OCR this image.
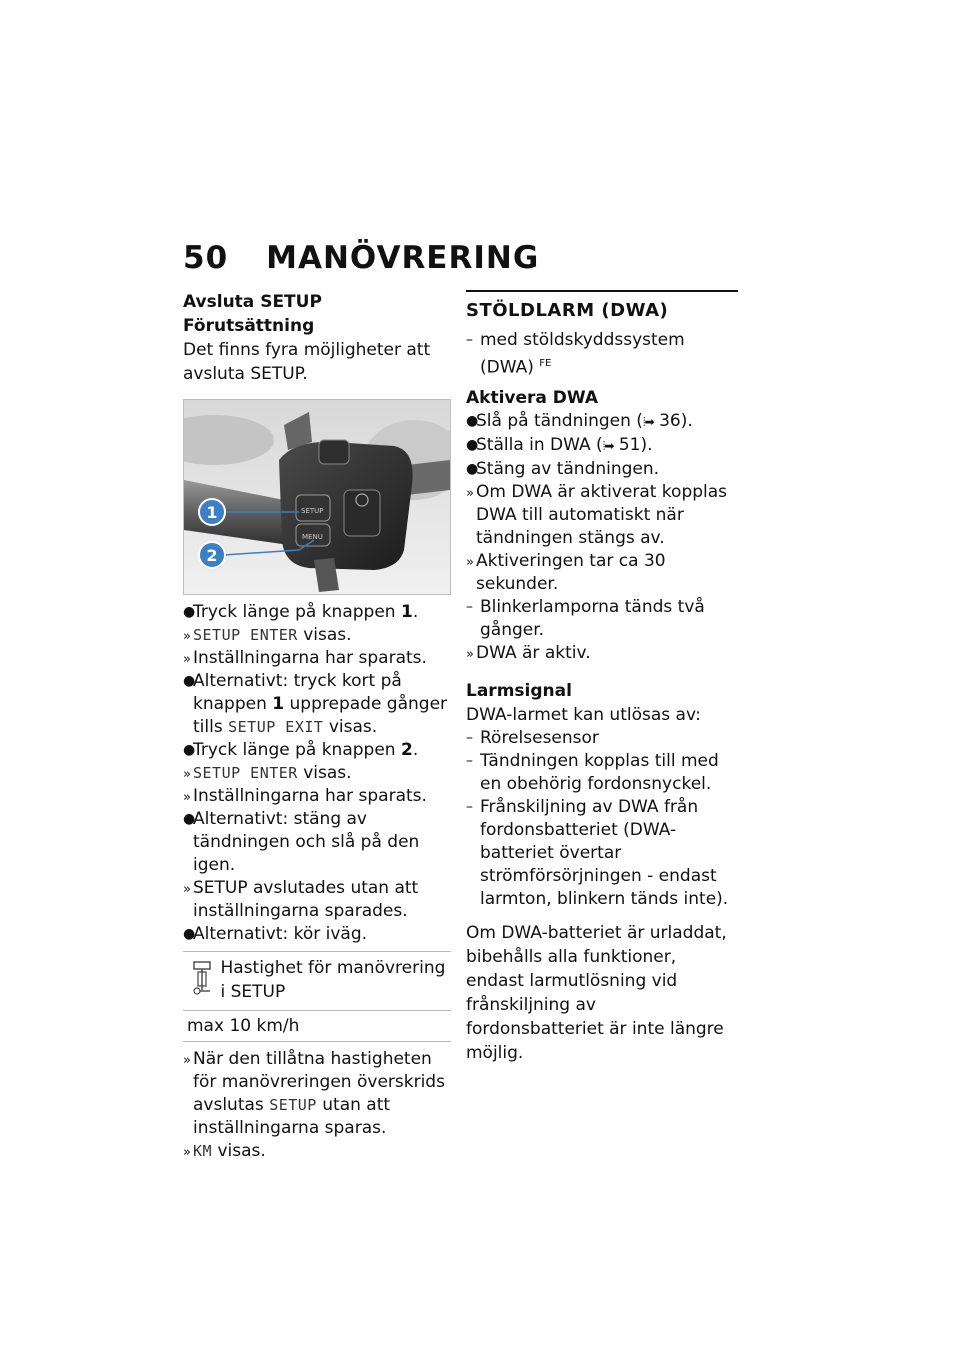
50 MANÖVRERING

Avsluta SETUP

Förutsättning

Det finns fyra möjligheter att avsluta SETUP.

SETUP
MENU
1
2
●
Tryck länge på knappen 1.
» SETUP ENTER visas.
» Inställningarna har sparats.
●
Alternativt: tryck kort på knappen 1 upprepade gånger tills SETUP EXIT visas.
●
Tryck länge på knappen 2.
» SETUP ENTER visas.
» Inställningarna har sparats.
●
Alternativt: stäng av tändningen och slå på den igen.
» SETUP avslutades utan att inställningarna sparades.
●
Alternativt: kör iväg.
Hastighet för manövrering i SETUP
max 10 km/h
» När den tillåtna hastigheten för manövreringen överskrids avslutas SETUP utan att inställningarna sparas.
» KM visas.
STÖLDLARM (DWA)
– med stöldskyddssystem (DWA) $^{FE}$
Aktivera DWA
●
Slå på tändningen (⦙➡ 36).
●
Ställa in DWA (⦙➡ 51).
●
Stäng av tändningen.
» Om DWA är aktiverat kopplas DWA till automatiskt när tändningen stängs av.
» Aktiveringen tar ca 30 sekunder.
– Blinkerlamporna tänds två gånger.
» DWA är aktiv.
Larmsignal

DWA-larmet kan utlösas av:

– Rörelsesensor
– Tändningen kopplas till med en obehörig fordonsnyckel.
– Frånskiljning av DWA från fordonsbatteriet (DWA-batteriet övertar strömförsörjningen - endast larmton, blinkern tänds inte).

Om DWA-batteriet är urladdat, bibehålls alla funktioner, endast larmutlösning vid frånskiljning av fordonsbatteriet är inte längre möjlig.
